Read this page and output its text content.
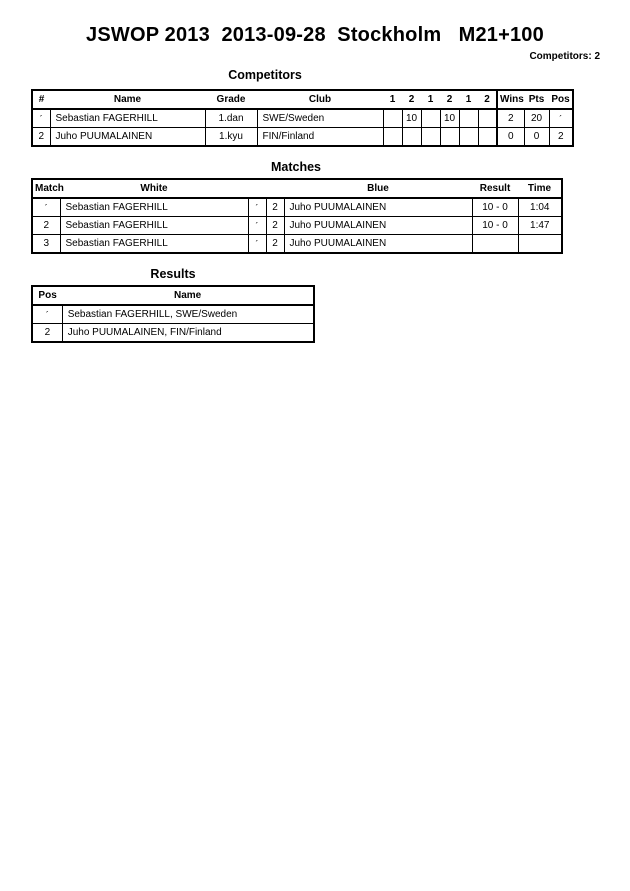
JSWOP 2013  2013-09-28  Stockholm   M21+100
Competitors: 2
Competitors
#	Name	Grade	Club	1	2	1	2	1	2	Wins	Pts	Pos
´	Sebastian FAGERHILL	1.dan	SWE/Sweden		10		10			2	20	´
2	Juho PUUMALAINEN	1.kyu	FIN/Finland							0	0	2
Matches
Match	White			Blue	Result	Time
´	Sebastian FAGERHILL	´	2	Juho PUUMALAINEN	10 - 0	1:04
2	Sebastian FAGERHILL	´	2	Juho PUUMALAINEN	10 - 0	1:47
3	Sebastian FAGERHILL	´	2	Juho PUUMALAINEN		
Results
Pos	Name
´	Sebastian FAGERHILL, SWE/Sweden
2	Juho PUUMALAINEN, FIN/Finland
